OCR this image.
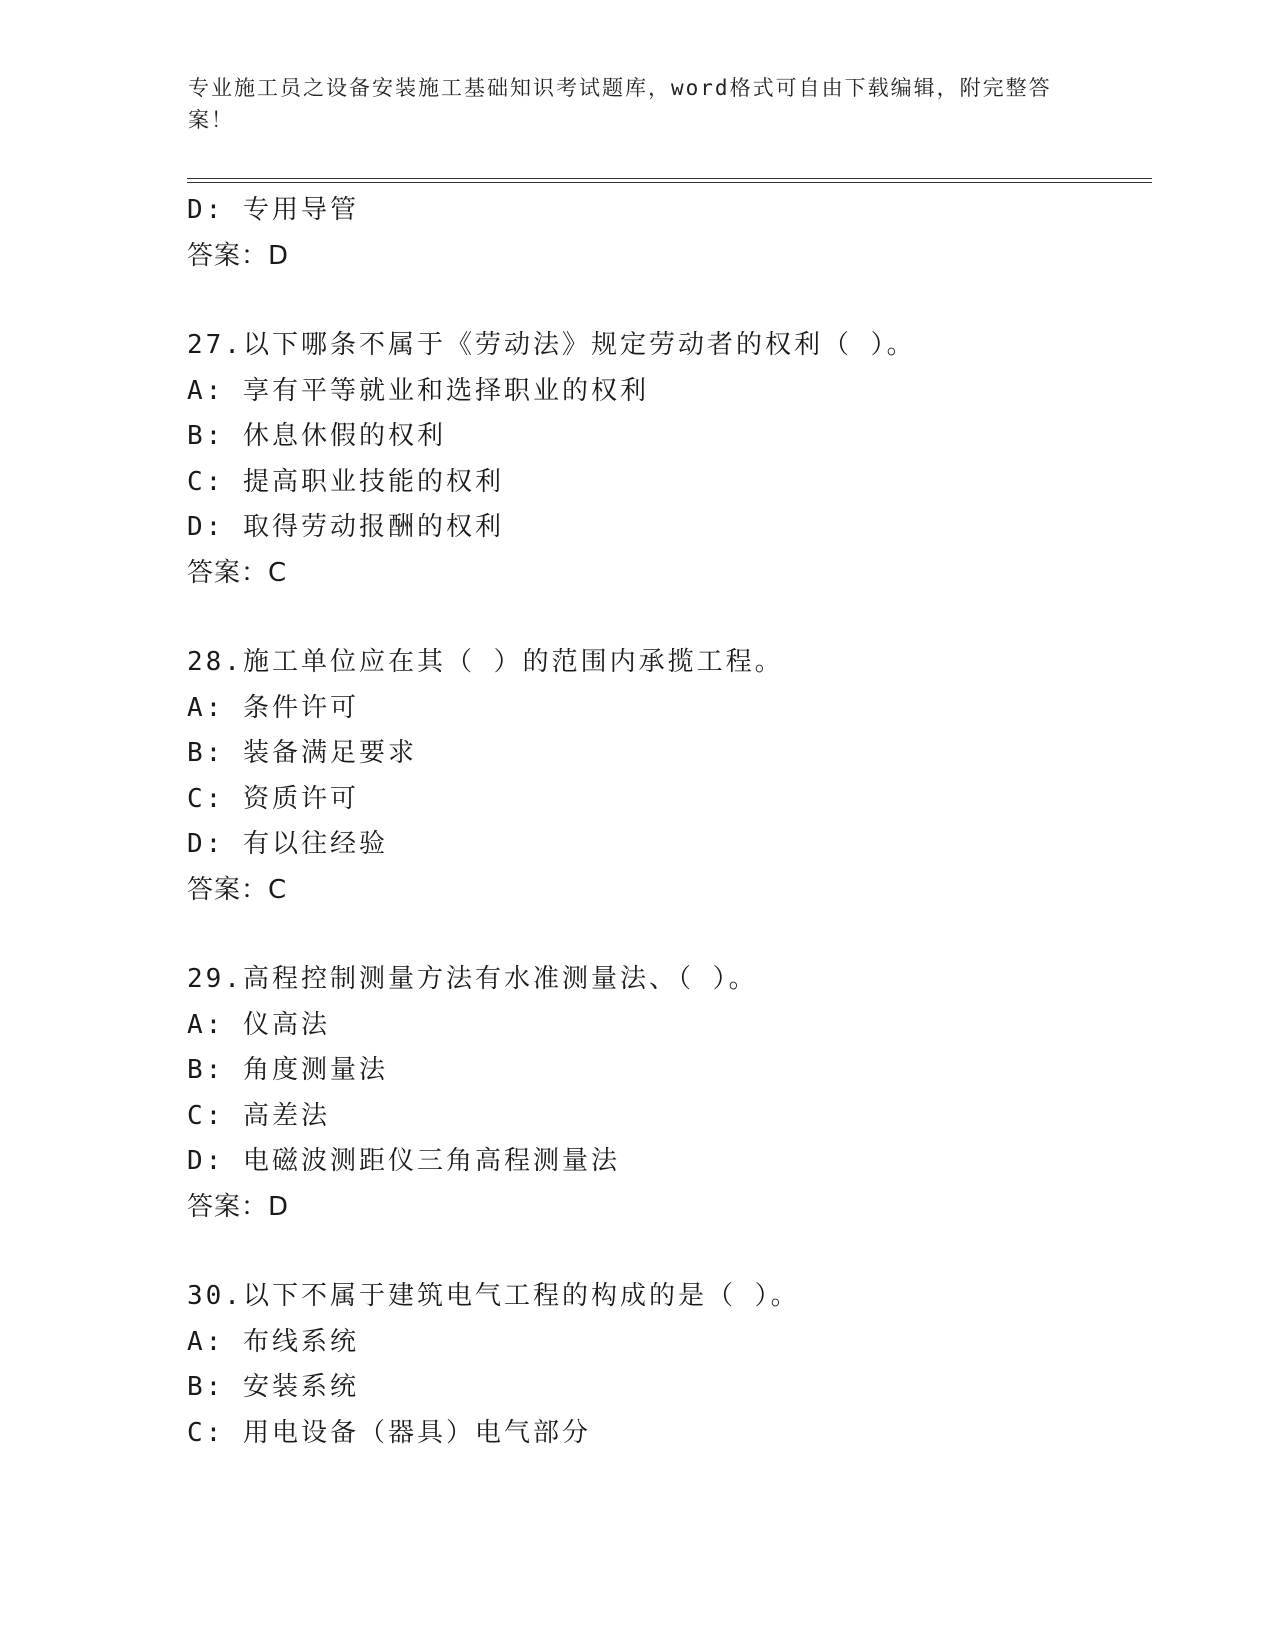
专业施工员之设备安装施工基础知识考试题库，word格式可自由下载编辑，附完整答案！
D: 专用导管
答案：D
27.以下哪条不属于《劳动法》规定劳动者的权利（ ）。
A: 享有平等就业和选择职业的权利
B: 休息休假的权利
C: 提高职业技能的权利
D: 取得劳动报酬的权利
答案：C
28.施工单位应在其（ ）的范围内承揽工程。
A: 条件许可
B: 装备满足要求
C: 资质许可
D: 有以往经验
答案：C
29.高程控制测量方法有水准测量法、（ ）。
A: 仪高法
B: 角度测量法
C: 高差法
D: 电磁波测距仪三角高程测量法
答案：D
30.以下不属于建筑电气工程的构成的是（ ）。
A: 布线系统
B: 安装系统
C: 用电设备（器具）电气部分
